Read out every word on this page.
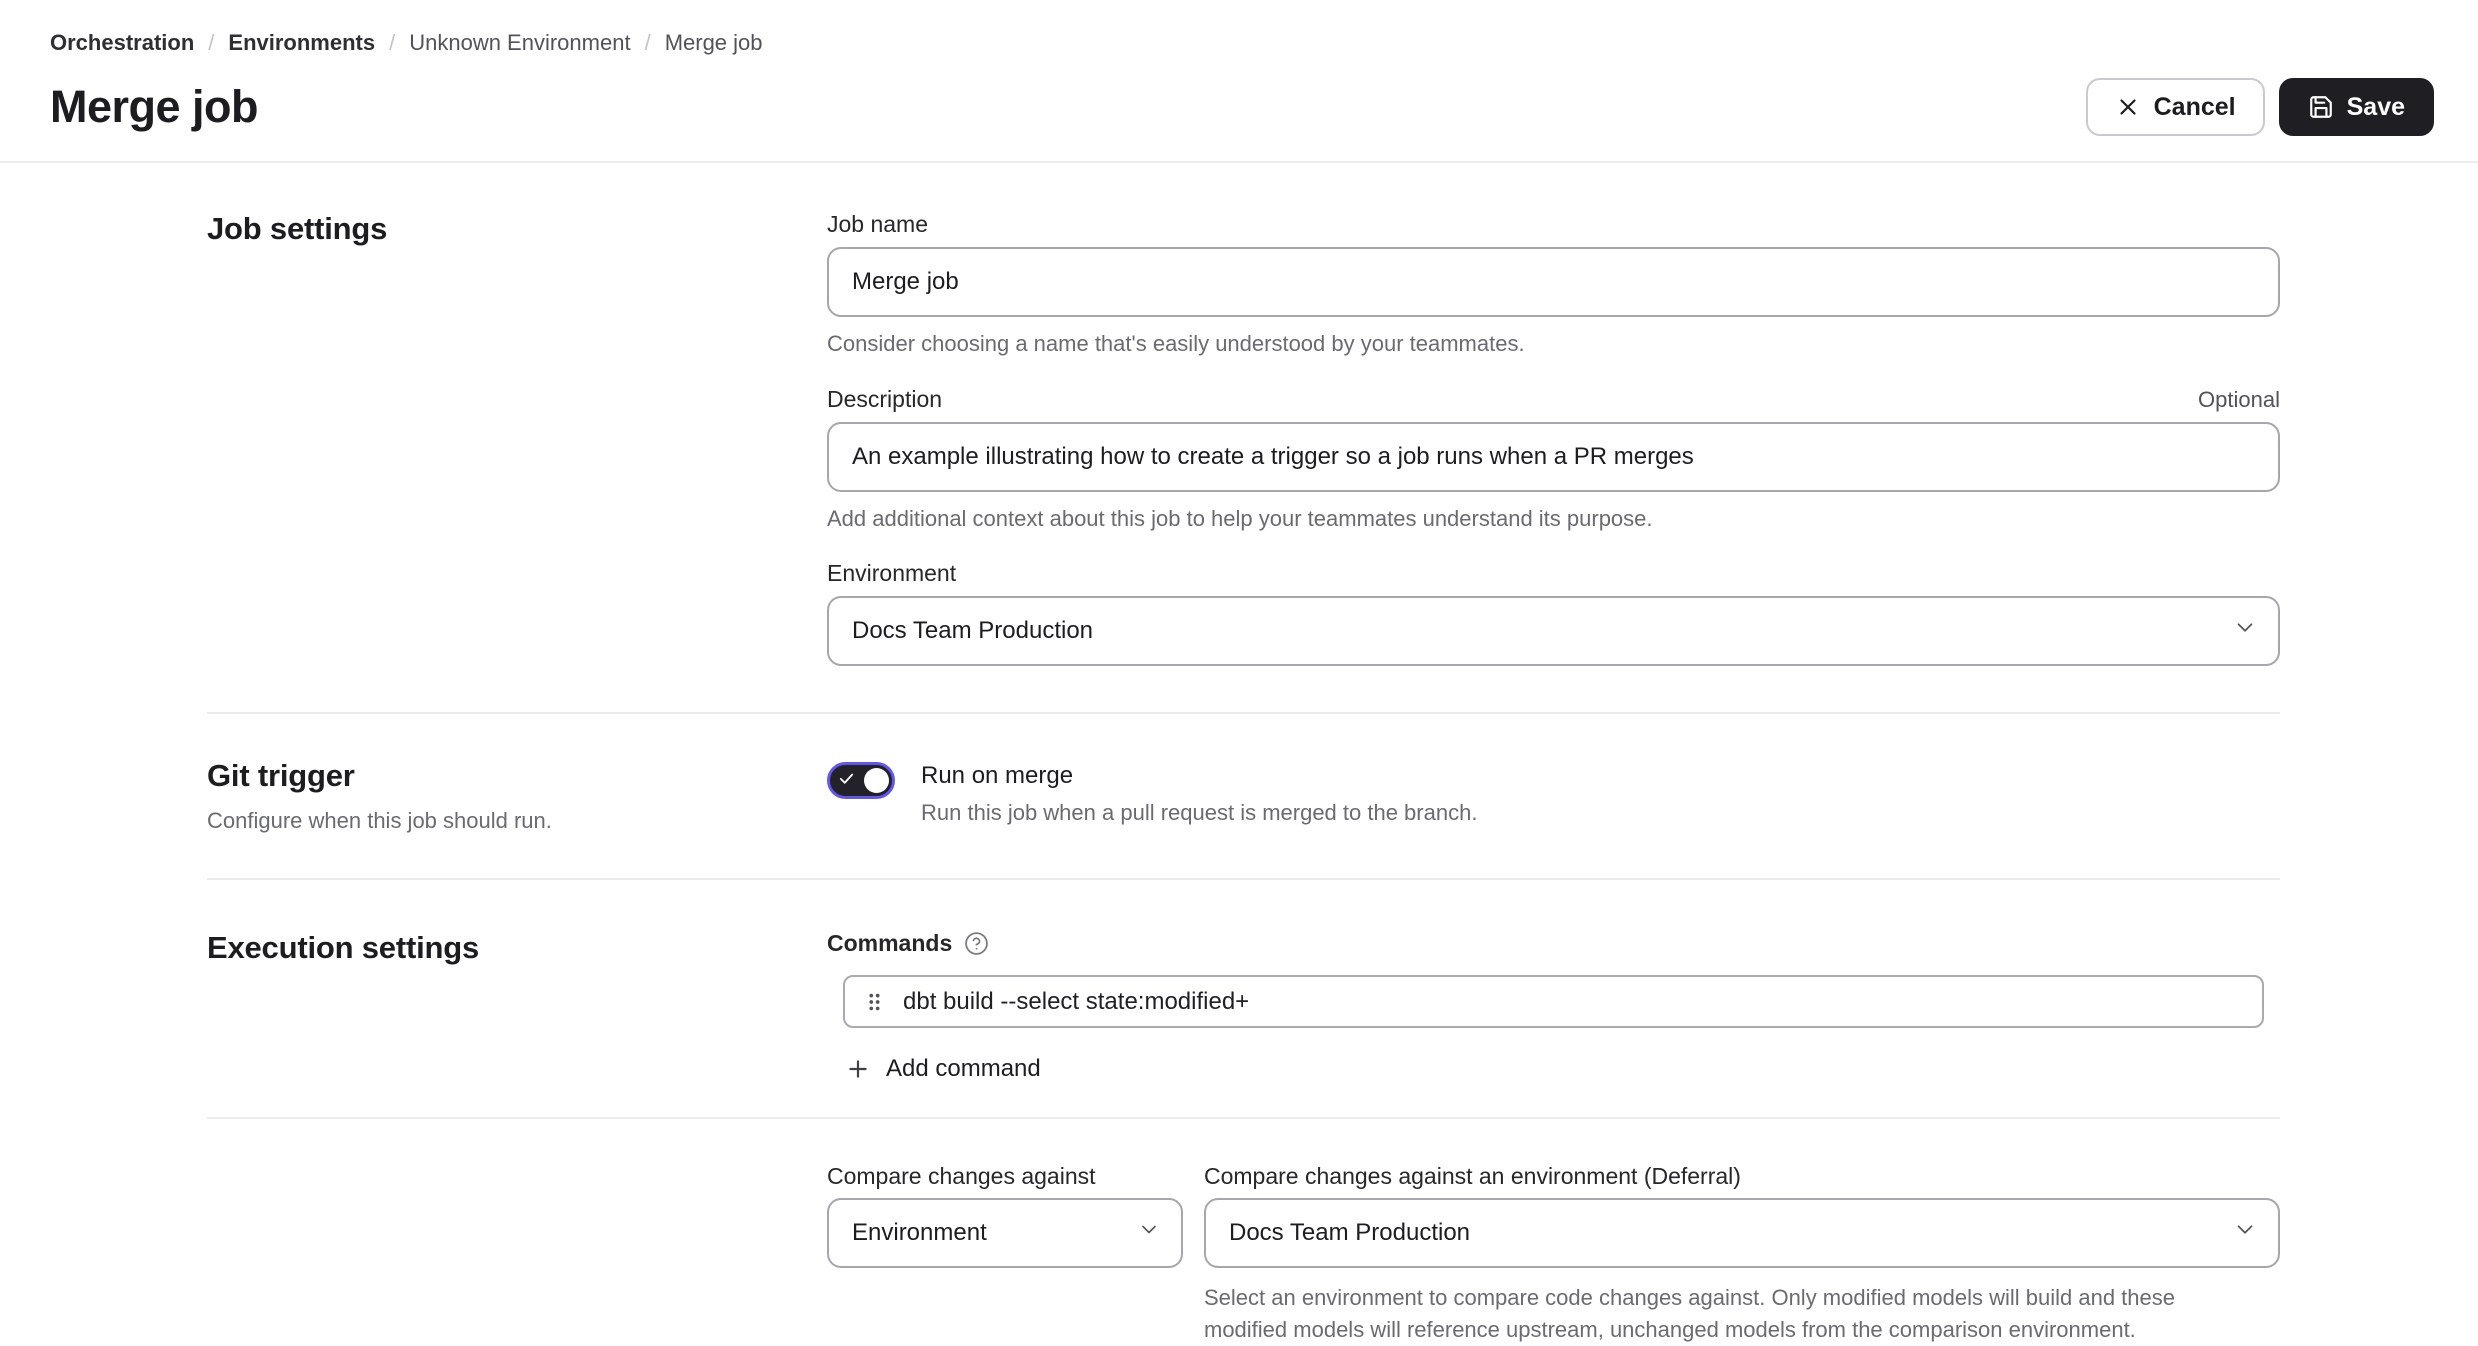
Orchestration / Environments / Unknown Environment / Merge job
Merge job	Cancel	Save
Job settings	Job name
Merge job
Consider choosing a name that's easily understood by your teammates.
Description	Optional
An example illustrating how to create a trigger so a job runs when a PR merges
Add additional context about this job to help your teammates understand its purpose.
Environment
Docs Team Production
Git trigger

Configure when this job should run.

Run on merge
Run this job when a pull request is merged to the branch.
Execution settings	Commands
dbt build --select state:modified+
Add command
Compare changes against
Environment
Compare changes against an environment (Deferral)
Docs Team Production
Select an environment to compare code changes against. Only modified models will build and these modified models will reference upstream, unchanged models from the comparison environment.
